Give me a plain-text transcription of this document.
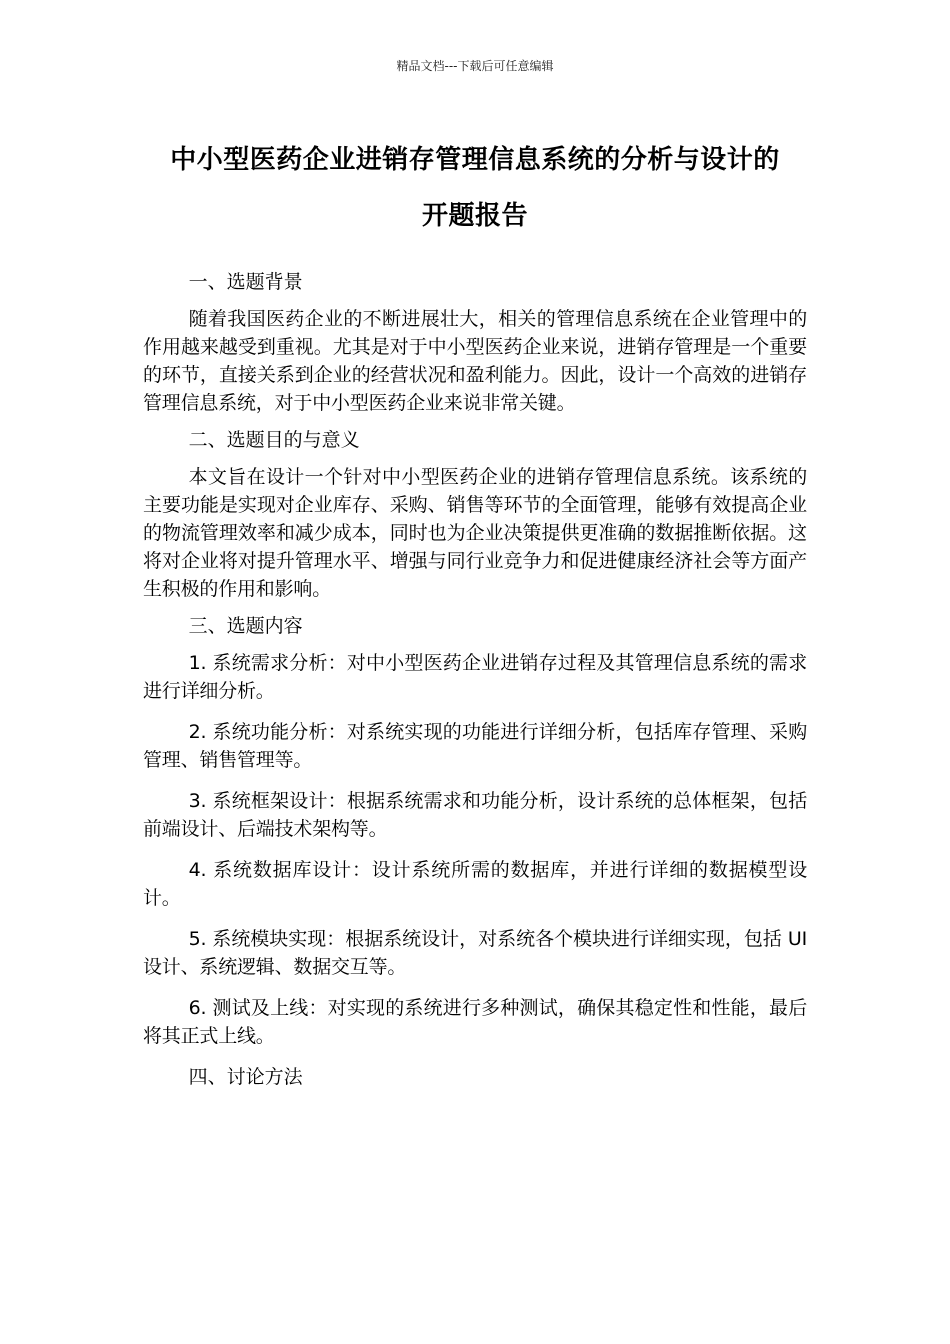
精品文档---下载后可任意编辑
中小型医药企业进销存管理信息系统的分析与设计的
开题报告

一、选题背景

随着我国医药企业的不断进展壮大，相关的管理信息系统在企业管理中的作用越来越受到重视。尤其是对于中小型医药企业来说，进销存管理是一个重要的环节，直接关系到企业的经营状况和盈利能力。因此，设计一个高效的进销存管理信息系统，对于中小型医药企业来说非常关键。

二、选题目的与意义

本文旨在设计一个针对中小型医药企业的进销存管理信息系统。该系统的主要功能是实现对企业库存、采购、销售等环节的全面管理，能够有效提高企业的物流管理效率和减少成本，同时也为企业决策提供更准确的数据推断依据。这将对企业将对提升管理水平、增强与同行业竞争力和促进健康经济社会等方面产生积极的作用和影响。

三、选题内容

1. 系统需求分析：对中小型医药企业进销存过程及其管理信息系统的需求进行详细分析。

2. 系统功能分析：对系统实现的功能进行详细分析，包括库存管理、采购管理、销售管理等。

3. 系统框架设计：根据系统需求和功能分析，设计系统的总体框架，包括前端设计、后端技术架构等。

4. 系统数据库设计：设计系统所需的数据库，并进行详细的数据模型设计。

5. 系统模块实现：根据系统设计，对系统各个模块进行详细实现，包括 UI 设计、系统逻辑、数据交互等。

6. 测试及上线：对实现的系统进行多种测试，确保其稳定性和性能，最后将其正式上线。

四、讨论方法
